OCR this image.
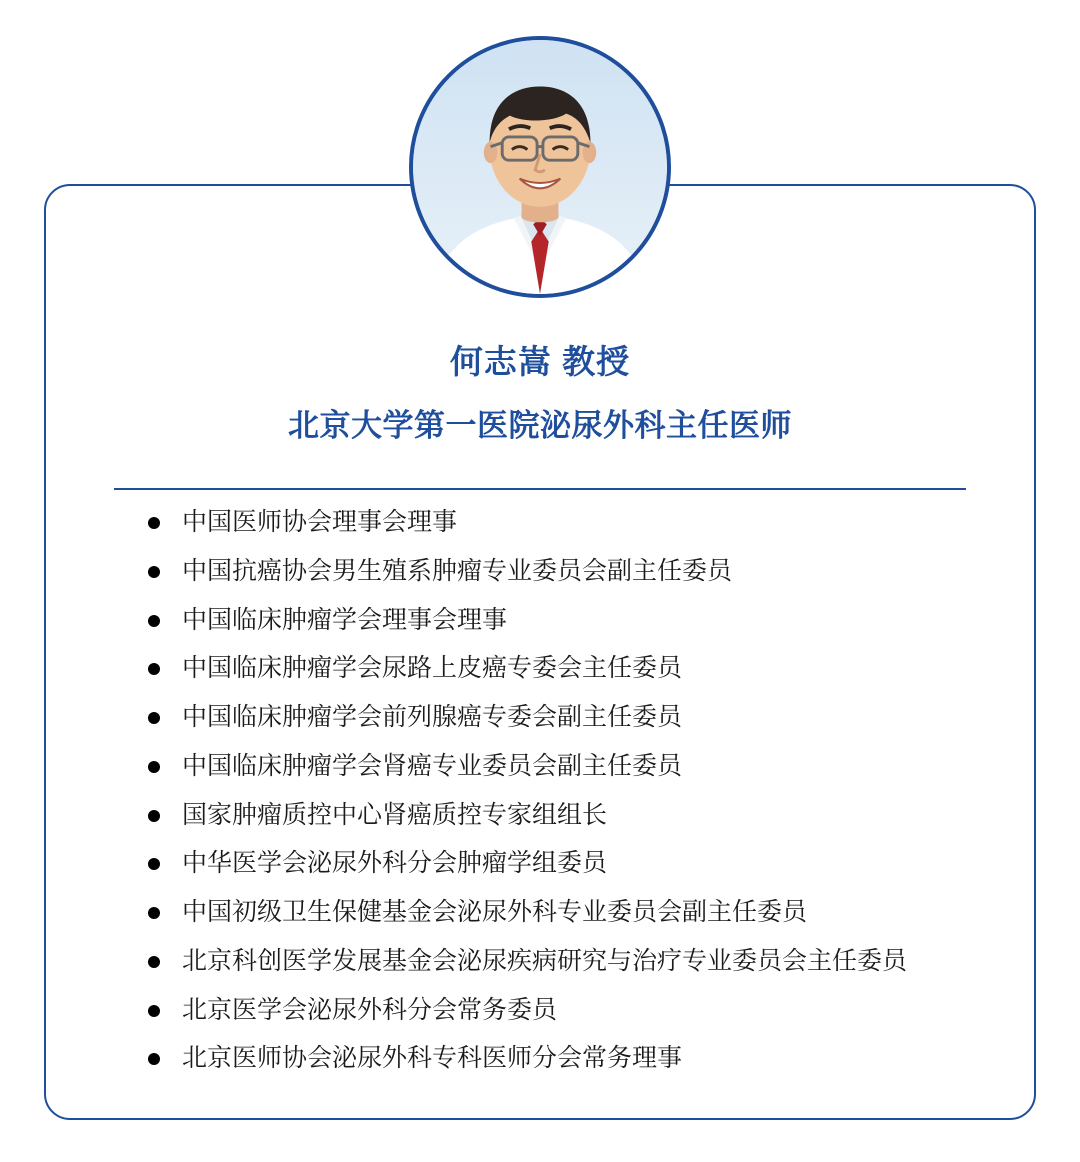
中国医师协会理事会理事
中国抗癌协会男生殖系肿瘤专业委员会副主任委员
中国临床肿瘤学会理事会理事
中国临床肿瘤学会尿路上皮癌专委会主任委员
中国临床肿瘤学会前列腺癌专委会副主任委员
中国临床肿瘤学会肾癌专业委员会副主任委员
国家肿瘤质控中心肾癌质控专家组组长
中华医学会泌尿外科分会肿瘤学组委员
中国初级卫生保健基金会泌尿外科专业委员会副主任委员
北京科创医学发展基金会泌尿疾病研究与治疗专业委员会主任委员
北京医学会泌尿外科分会常务委员
北京医师协会泌尿外科专科医师分会常务理事
何志嵩 教授
北京大学第一医院泌尿外科主任医师
